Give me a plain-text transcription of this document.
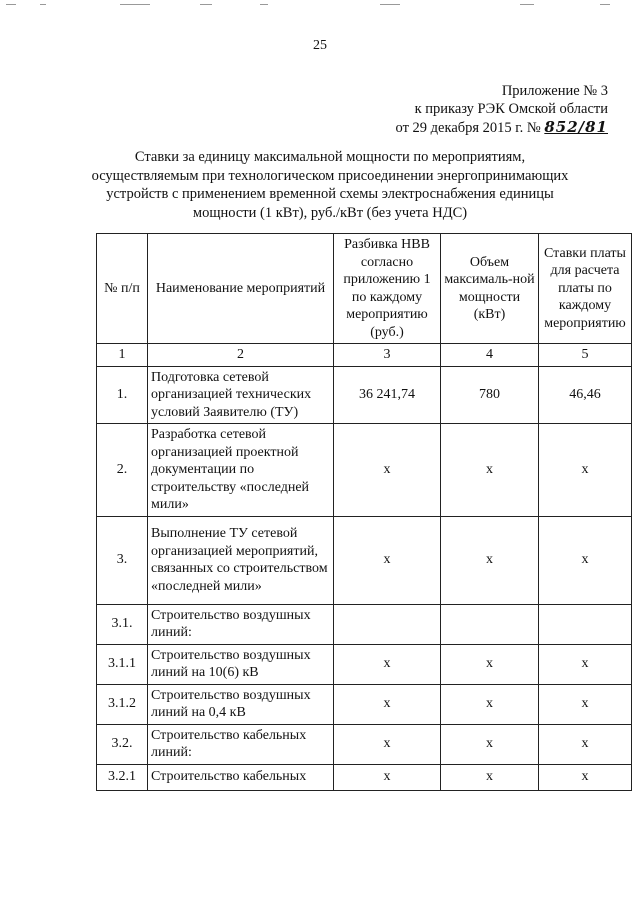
25
Приложение № 3
к приказу РЭК Омской области
от 29 декабря 2015 г. № 852/81
Ставки за единицу максимальной мощности по мероприятиям,
осуществляемым при технологическом присоединении энергопринимающих
устройств с применением временной схемы электроснабжения единицы
мощности (1 кВт), руб./кВт (без учета НДС)
№ п/п	Наименование мероприятий	Разбивка НВВ согласно приложению 1 по каждому мероприятию (руб.)	Объем максималь-ной мощности (кВт)	Ставки платы для расчета платы по каждому мероприятию
1	2	3	4	5
1.	Подготовка сетевой организацией технических условий Заявителю (ТУ)	36 241,74	780	46,46
2.	Разработка сетевой организацией проектной документации по строительству «последней мили»	х	х	х
3.	Выполнение ТУ сетевой организацией мероприятий, связанных со строительством «последней мили»	х	х	х
3.1.	Строительство воздушных линий:			
3.1.1	Строительство воздушных линий на 10(6) кВ	х	х	х
3.1.2	Строительство воздушных линий на 0,4 кВ	х	х	х
3.2.	Строительство кабельных линий:	х	х	х
3.2.1	Строительство кабельных	х	х	х
